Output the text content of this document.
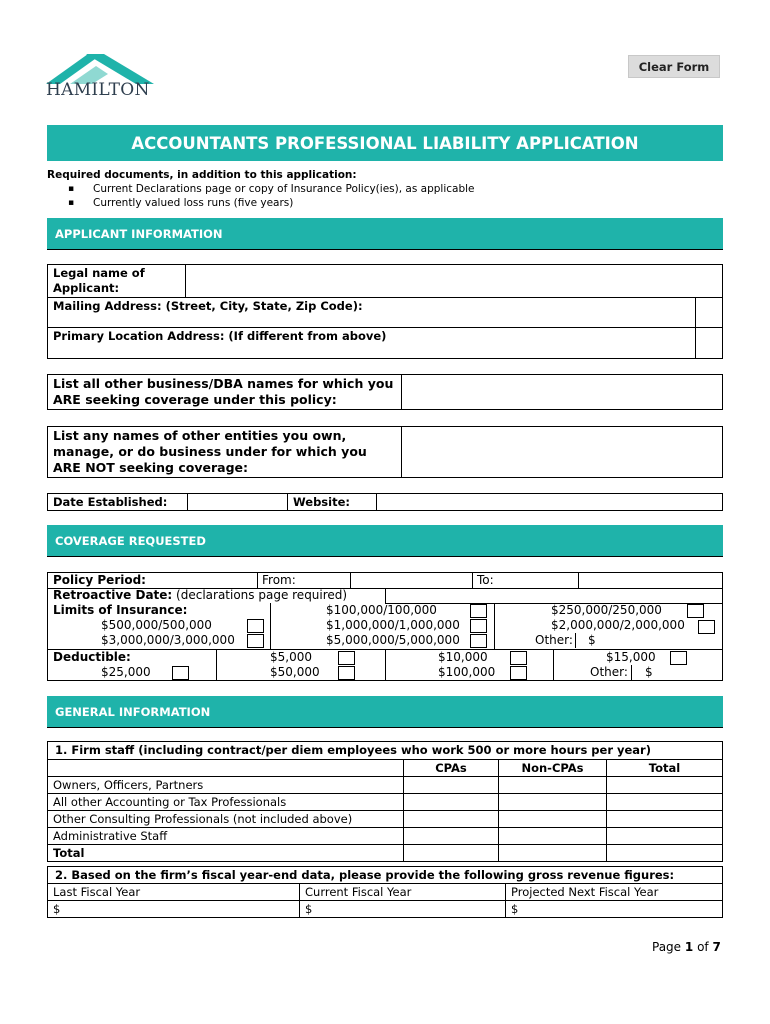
HAMILTON
Clear Form
ACCOUNTANTS PROFESSIONAL LIABILITY APPLICATION
Required documents, in addition to this application:
▪ Current Declarations page or copy of Insurance Policy(ies), as applicable
▪ Currently valued loss runs (five years)
APPLICANT INFORMATION
Legal name of Applicant:		
Mailing Address: (Street, City, State, Zip Code):		
Primary Location Address: (If different from above)		
List all other business/DBA names for which you ARE seeking coverage under this policy:	
List any names of other entities you own, manage, or do business under for which you ARE NOT seeking coverage:	
Date Established:		Website:	
COVERAGE REQUESTED
Policy Period:	From:	To:
Retroactive Date: (declarations page required)
Limits of Insurance:	$100,000/100,000	$250,000/250,000
$500,000/500,000	$1,000,000/1,000,000	$2,000,000/2,000,000
$3,000,000/3,000,000	$5,000,000/5,000,000	Other: $
Deductible:	$5,000	$10,000	$15,000
$25,000	$50,000	$100,000	Other: $
GENERAL INFORMATION
1. Firm staff (including contract/per diem employees who work 500 or more hours per year)			
	CPAs	Non-CPAs	Total
Owners, Officers, Partners			
All other Accounting or Tax Professionals			
Other Consulting Professionals (not included above)			
Administrative Staff			
Total			
2. Based on the firm’s fiscal year-end data, please provide the following gross revenue figures:		
Last Fiscal Year	Current Fiscal Year	Projected Next Fiscal Year
$	$	$
Page 1 of 7
